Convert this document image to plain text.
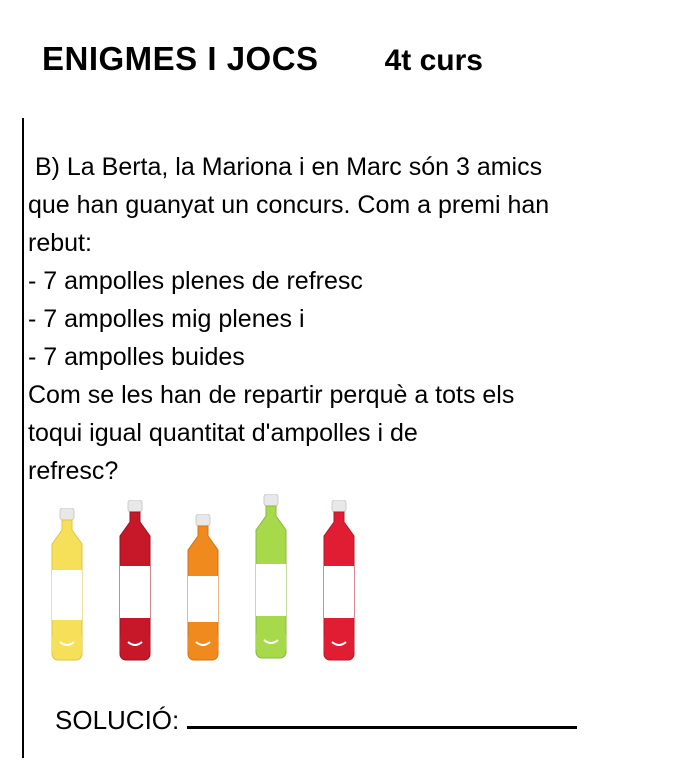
ENIGMES I JOCS 4t curs
B) La Berta, la Mariona i en Marc són 3 amics
que han guanyat un concurs. Com a premi han
rebut:
- 7 ampolles plenes de refresc
- 7 ampolles mig plenes i
- 7 ampolles buides
Com se les han de repartir perquè a tots els
toqui igual quantitat d'ampolles i de
refresc?
SOLUCIÓ:
